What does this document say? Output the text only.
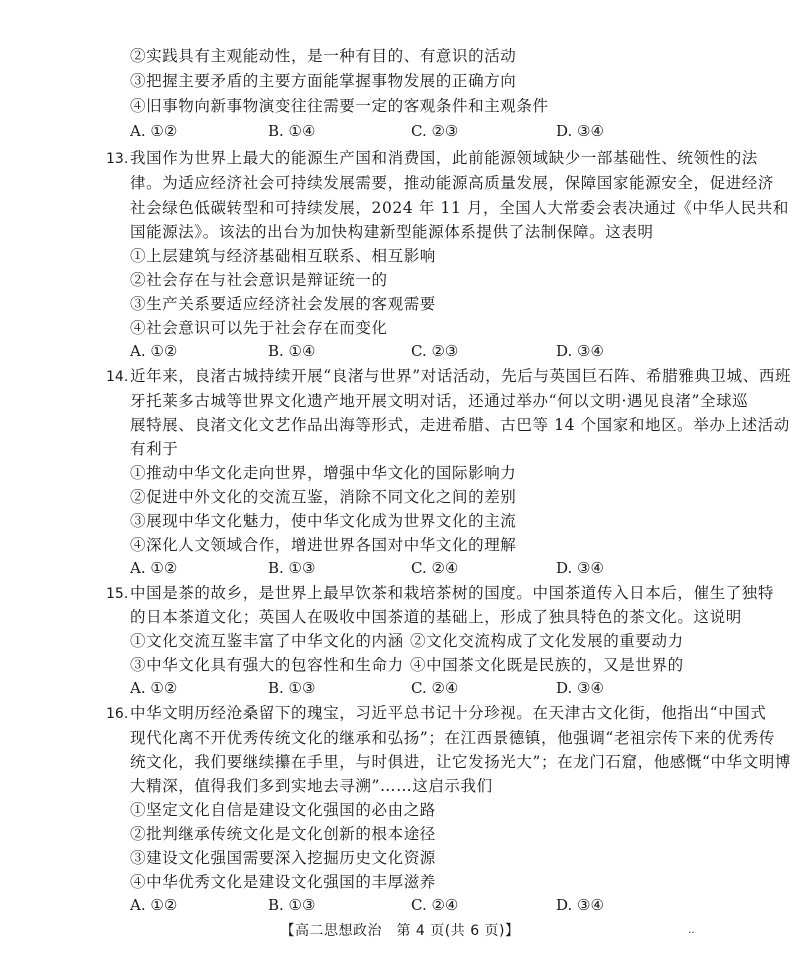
②实践具有主观能动性，是一种有目的、有意识的活动
③把握主要矛盾的主要方面能掌握事物发展的正确方向
④旧事物向新事物演变往往需要一定的客观条件和主观条件
A. ①②	B. ①④	C. ②③	D. ③④
13. 我国作为世界上最大的能源生产国和消费国，此前能源领域缺少一部基础性、统领性的法
律。为适应经济社会可持续发展需要，推动能源高质量发展，保障国家能源安全，促进经济
社会绿色低碳转型和可持续发展，2024 年 11 月，全国人大常委会表决通过《中华人民共和
国能源法》。该法的出台为加快构建新型能源体系提供了法制保障。这表明
①上层建筑与经济基础相互联系、相互影响
②社会存在与社会意识是辩证统一的
③生产关系要适应经济社会发展的客观需要
④社会意识可以先于社会存在而变化
A. ①②	B. ①④	C. ②③	D. ③④
14. 近年来，良渚古城持续开展“良渚与世界”对话活动，先后与英国巨石阵、希腊雅典卫城、西班
牙托莱多古城等世界文化遗产地开展文明对话，还通过举办“何以文明·遇见良渚”全球巡
展特展、良渚文化文艺作品出海等形式，走进希腊、古巴等 14 个国家和地区。举办上述活动
有利于
①推动中华文化走向世界，增强中华文化的国际影响力
②促进中外文化的交流互鉴，消除不同文化之间的差别
③展现中华文化魅力，使中华文化成为世界文化的主流
④深化人文领域合作，增进世界各国对中华文化的理解
A. ①②	B. ①③	C. ②④	D. ③④
15. 中国是茶的故乡，是世界上最早饮茶和栽培茶树的国度。中国茶道传入日本后，催生了独特
的日本茶道文化；英国人在吸收中国茶道的基础上，形成了独具特色的茶文化。这说明
①文化交流互鉴丰富了中华文化的内涵 ②文化交流构成了文化发展的重要动力
③中华文化具有强大的包容性和生命力 ④中国茶文化既是民族的，又是世界的
A. ①②	B. ①③	C. ②④	D. ③④
16. 中华文明历经沧桑留下的瑰宝，习近平总书记十分珍视。在天津古文化街，他指出“中国式
现代化离不开优秀传统文化的继承和弘扬”；在江西景德镇，他强调“老祖宗传下来的优秀传
统文化，我们要继续攥在手里，与时俱进，让它发扬光大”；在龙门石窟，他感慨“中华文明博
大精深，值得我们多到实地去寻溯”……这启示我们
①坚定文化自信是建设文化强国的必由之路
②批判继承传统文化是文化创新的根本途径
③建设文化强国需要深入挖掘历史文化资源
④中华优秀文化是建设文化强国的丰厚滋养
A. ①②	B. ①③	C. ②④	D. ③④
【高二思想政治　第 4 页(共 6 页)】	‥
